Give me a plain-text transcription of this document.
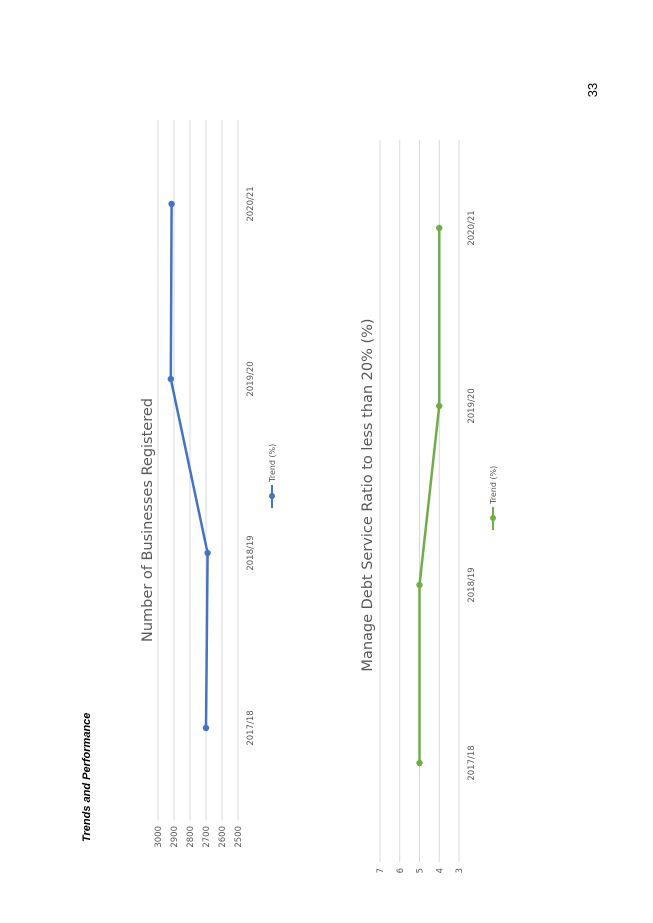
33
Trends and Performance
Number of Businesses Registered
2500
2600
2700
2800
2900
3000
2017/18
2018/19
2019/20
2020/21
Trend (%)	Manage Debt Service Ratio to less than 20% (%)
3
4
5
6
7
2017/18
2018/19
2019/20
2020/21
Trend (%)
